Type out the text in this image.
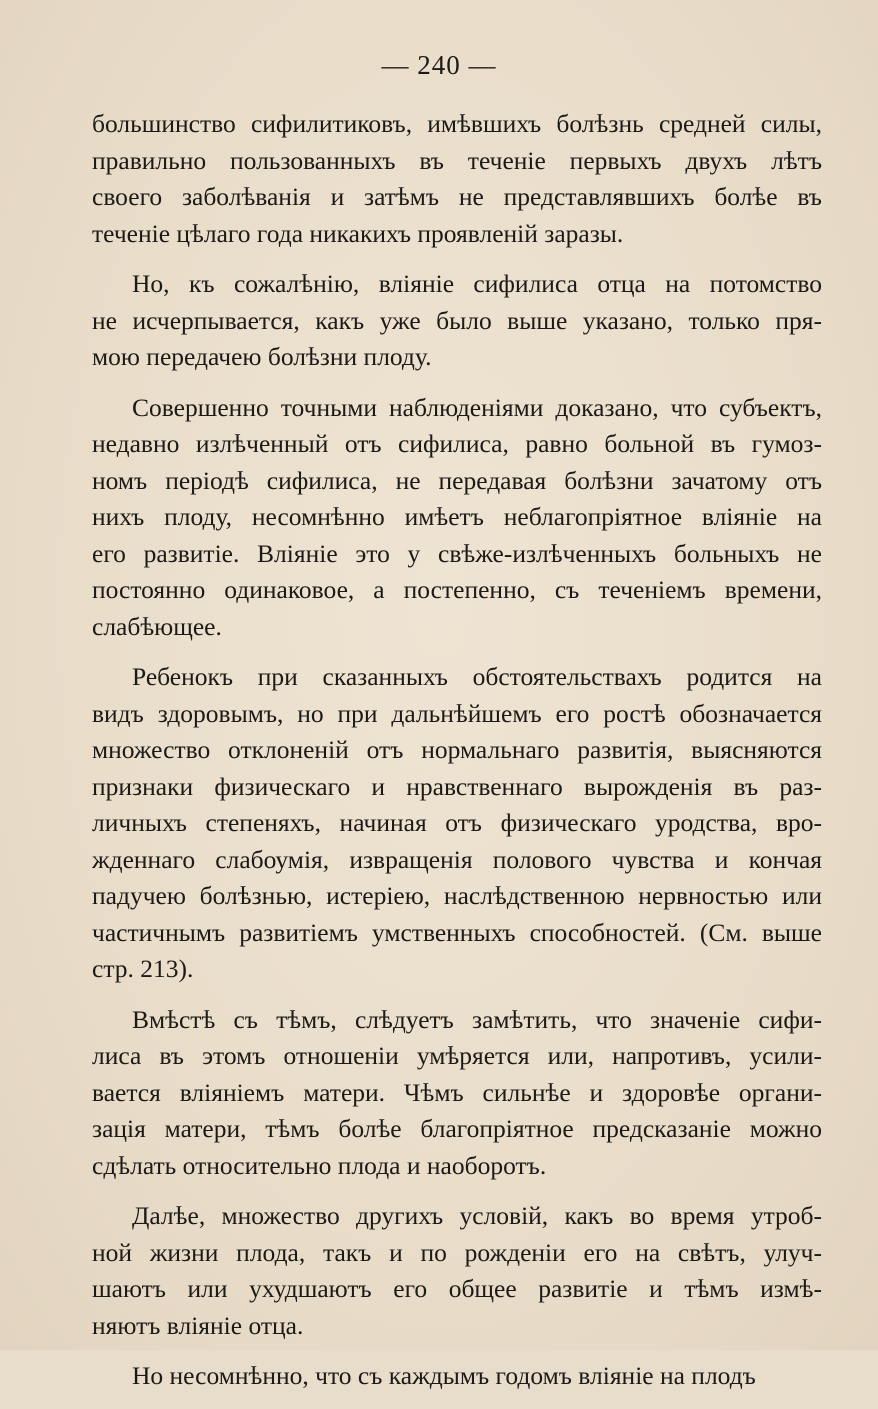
— 240 —
большинство сифилитиковъ, имѣвшихъ болѣзнь средней силы,
правильно пользованныхъ въ теченіе первыхъ двухъ лѣтъ
своего заболѣванія и затѣмъ не представлявшихъ болѣе въ
теченіе цѣлаго года никакихъ проявленій заразы.
Но, къ сожалѣнію, вліяніе сифилиса отца на потомство
не исчерпывается, какъ уже было выше указано, только пря-
мою передачею болѣзни плоду.
Совершенно точными наблюденіями доказано, что субъектъ,
недавно излѣченный отъ сифилиса, равно больной въ гумоз-
номъ періодѣ сифилиса, не передавая болѣзни зачатому отъ
нихъ плоду, несомнѣнно имѣетъ неблагопріятное вліяніе на
его развитіе. Вліяніе это у свѣже-излѣченныхъ больныхъ не
постоянно одинаковое, а постепенно, съ теченіемъ времени,
слабѣющее.
Ребенокъ при сказанныхъ обстоятельствахъ родится на
видъ здоровымъ, но при дальнѣйшемъ его ростѣ обозначается
множество отклоненій отъ нормальнаго развитія, выясняются
признаки физическаго и нравственнаго вырожденія въ раз-
личныхъ степеняхъ, начиная отъ физическаго уродства, вро-
жденнаго слабоумія, извращенія полового чувства и кончая
падучею болѣзнью, истеріею, наслѣдственною нервностью или
частичнымъ развитіемъ умственныхъ способностей. (См. выше
стр. 213).
Вмѣстѣ съ тѣмъ, слѣдуетъ замѣтить, что значеніе сифи-
лиса въ этомъ отношеніи умѣряется или, напротивъ, усили-
вается вліяніемъ матери. Чѣмъ сильнѣе и здоровѣе органи-
зація матери, тѣмъ болѣе благопріятное предсказаніе можно
сдѣлать относительно плода и наоборотъ.
Далѣе, множество другихъ условій, какъ во время утроб-
ной жизни плода, такъ и по рожденіи его на свѣтъ, улуч-
шаютъ или ухудшаютъ его общее развитіе и тѣмъ измѣ-
няютъ вліяніе отца.
Но несомнѣнно, что съ каждымъ годомъ вліяніе на плодъ
